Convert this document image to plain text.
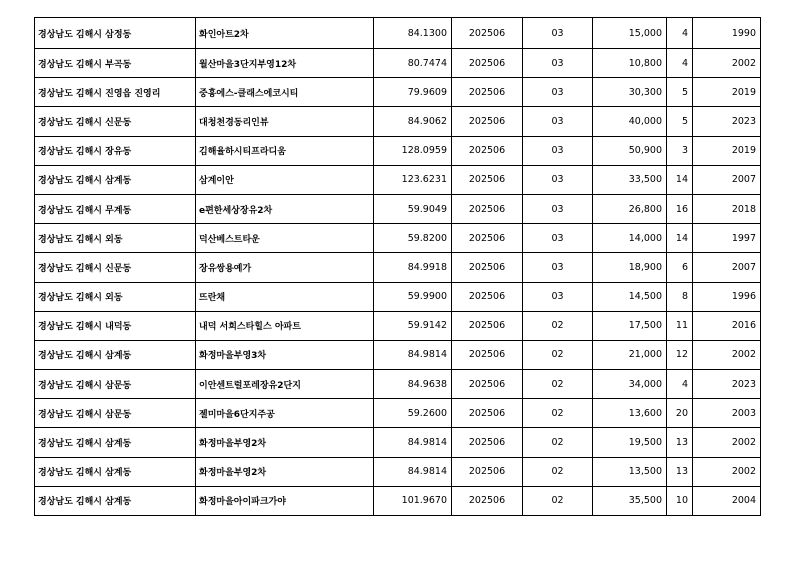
경상남도 김해시 삼정동	화인아트2차	84.1300	202506	03	15,000	4	1990
경상남도 김해시 부곡동	월산마을3단지부영12차	80.7474	202506	03	10,800	4	2002
경상남도 김해시 진영읍 진영리	중흥에스-클래스에코시티	79.9609	202506	03	30,300	5	2019
경상남도 김해시 신문동	대청천경동리인뷰	84.9062	202506	03	40,000	5	2023
경상남도 김해시 장유동	김해율하시티프라디움	128.0959	202506	03	50,900	3	2019
경상남도 김해시 삼계동	삼계이안	123.6231	202506	03	33,500	14	2007
경상남도 김해시 무계동	e편한세상장유2차	59.9049	202506	03	26,800	16	2018
경상남도 김해시 외동	덕산베스트타운	59.8200	202506	03	14,000	14	1997
경상남도 김해시 신문동	장유쌍용예가	84.9918	202506	03	18,900	6	2007
경상남도 김해시 외동	뜨란채	59.9900	202506	03	14,500	8	1996
경상남도 김해시 내덕동	내덕 서희스타힐스 아파트	59.9142	202506	02	17,500	11	2016
경상남도 김해시 삼계동	화정마을부영3차	84.9814	202506	02	21,000	12	2002
경상남도 김해시 삼문동	이안센트럴포레장유2단지	84.9638	202506	02	34,000	4	2023
경상남도 김해시 삼문동	젤미마을6단지주공	59.2600	202506	02	13,600	20	2003
경상남도 김해시 삼계동	화정마을부영2차	84.9814	202506	02	19,500	13	2002
경상남도 김해시 삼계동	화정마을부영2차	84.9814	202506	02	13,500	13	2002
경상남도 김해시 삼계동	화정마을아이파크가야	101.9670	202506	02	35,500	10	2004
